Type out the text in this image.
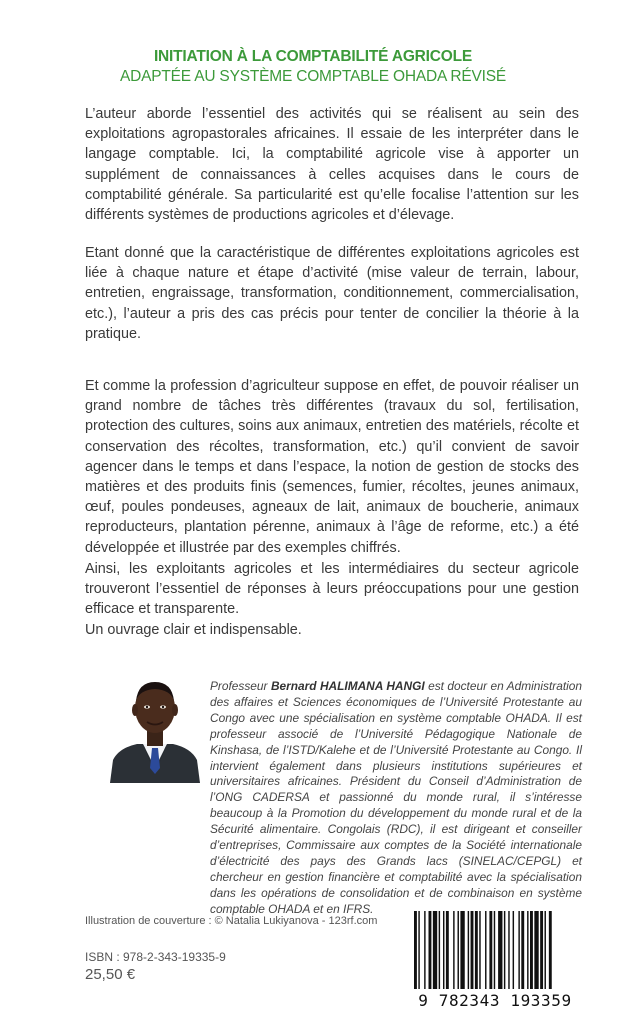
INITIATION À LA COMPTABILITÉ AGRICOLE
ADAPTÉE AU SYSTÈME COMPTABLE OHADA RÉVISÉ

L’auteur aborde l’essentiel des activités qui se réalisent au sein des exploitations agropastorales africaines. Il essaie de les interpréter dans le langage comptable. Ici, la comptabilité agricole vise à apporter un supplément de connaissances à celles acquises dans le cours de comptabilité générale. Sa particularité est qu’elle focalise l’attention sur les différents systèmes de productions agricoles et d’élevage.

Etant donné que la caractéristique de différentes exploitations agricoles est liée à chaque nature et étape d’activité (mise valeur de terrain, labour, entretien, engraissage, transformation, conditionnement, commercialisation, etc.), l’auteur a pris des cas précis pour tenter de concilier la théorie à la pratique.

Et comme la profession d’agriculteur suppose en effet, de pouvoir réaliser un grand nombre de tâches très différentes (travaux du sol, fertilisation, protection des cultures, soins aux animaux, entretien des matériels, récolte et conservation des récoltes, transformation, etc.) qu’il convient de savoir agencer dans le temps et dans l’espace, la notion de gestion de stocks des matières et des produits finis (semences, fumier, récoltes, jeunes animaux, œuf, poules pondeuses, agneaux de lait, animaux de boucherie, animaux reproducteurs, plantation pérenne, animaux à l’âge de reforme, etc.) a été développée et illustrée par des exemples chiffrés.

Ainsi, les exploitants agricoles et les intermédiaires du secteur agricole trouveront l’essentiel de réponses à leurs préoccupations pour une gestion efficace et transparente.

Un ouvrage clair et indispensable.

Professeur Bernard HALIMANA HANGI est docteur en Administration des affaires et Sciences économiques de l’Université Protestante au Congo avec une spécialisation en système comptable OHADA. Il est professeur associé de l’Université Pédagogique Nationale de Kinshasa, de l’ISTD/Kalehe et de l’Université Protestante au Congo. Il intervient également dans plusieurs institutions supérieures et universitaires africaines. Président du Conseil d’Administration de l’ONG CADERSA et passionné du monde rural, il s’intéresse beaucoup à la Promotion du développement du monde rural et de la Sécurité alimentaire. Congolais (RDC), il est dirigeant et conseiller d’entreprises, Commissaire aux comptes de la Société internationale d’électricité des pays des Grands lacs (SINELAC/CEPGL) et chercheur en gestion financière et comptabilité avec la spécialisation dans les opérations de consolidation et de combinaison en système comptable OHADA et en IFRS.
Illustration de couverture : © Natalia Lukiyanova - 123rf.com
ISBN : 978-2-343-19335-9
25,50 €
9 782343 193359
